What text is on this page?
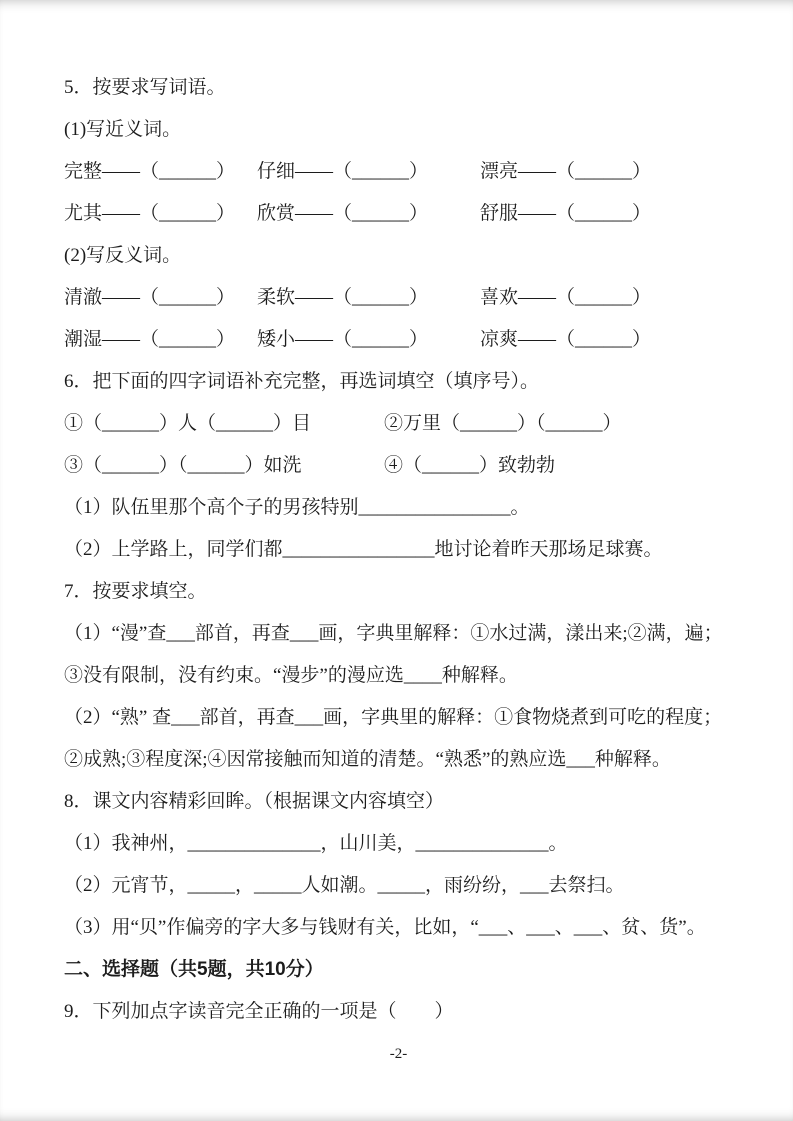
5．按要求写词语。
(1)写近义词。
完整——（______）	仔细——（______）	漂亮——（______）
尤其——（______）	欣赏——（______）	舒服——（______）
(2)写反义词。
清澈——（______）	柔软——（______）	喜欢——（______）
潮湿——（______）	矮小——（______）	凉爽——（______）
6．把下面的四字词语补充完整，再选词填空（填序号）。
①（______）人（______）目	②万里（______）（______）
③（______）（______）如洗	④（______）致勃勃
（1）队伍里那个高个子的男孩特别________________。
（2）上学路上，同学们都________________地讨论着昨天那场足球赛。
7．按要求填空。
（1）“漫”查___部首，再查___画，字典里解释：①水过满，漾出来;②满，遍；
③没有限制，没有约束。“漫步”的漫应选____种解释。
（2）“熟” 查___部首，再查___画，字典里的解释：①食物烧煮到可吃的程度；
②成熟;③程度深;④因常接触而知道的清楚。“熟悉”的熟应选___种解释。
8．课文内容精彩回眸。（根据课文内容填空）
（1）我神州，______________，山川美，______________。
（2）元宵节，_____，_____人如潮。_____，雨纷纷，___去祭扫。
（3）用“贝”作偏旁的字大多与钱财有关，比如，“___、___、___、贫、货”。
二、选择题（共5题，共10分）
9．下列加点字读音完全正确的一项是（　　）
-2-
